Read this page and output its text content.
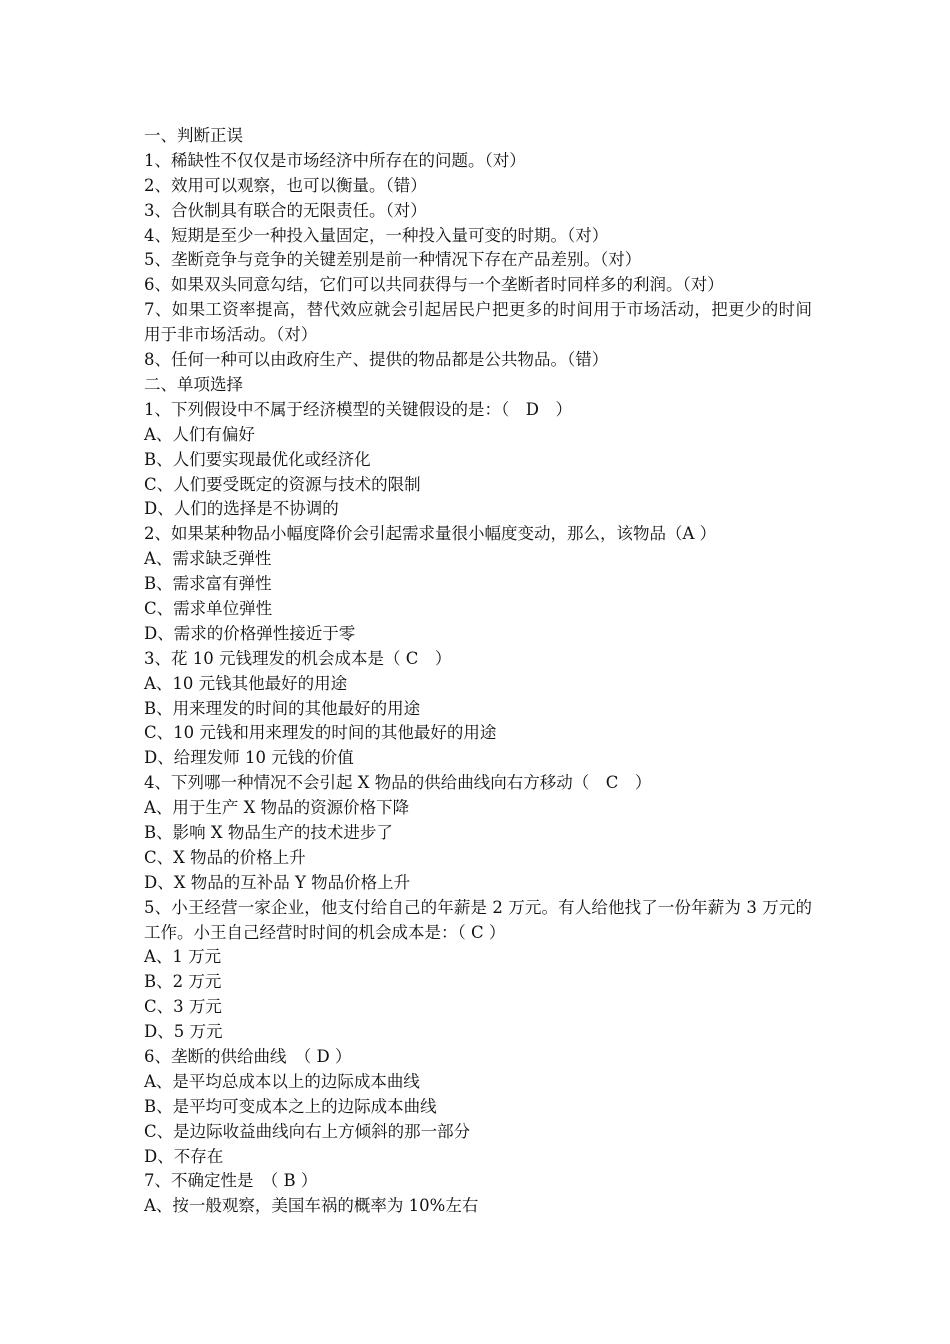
一、判断正误
1、稀缺性不仅仅是市场经济中所存在的问题。（对）
2、效用可以观察，也可以衡量。（错）
3、合伙制具有联合的无限责任。（对）
4、短期是至少一种投入量固定，一种投入量可变的时期。（对）
5、垄断竞争与竞争的关键差别是前一种情况下存在产品差别。（对）
6、如果双头同意勾结，它们可以共同获得与一个垄断者时同样多的利润。（对）
7、如果工资率提高，替代效应就会引起居民户把更多的时间用于市场活动，把更少的时间用于非市场活动。（对）
8、任何一种可以由政府生产、提供的物品都是公共物品。（错）
二、单项选择
1、下列假设中不属于经济模型的关键假设的是：（　D　）
A、人们有偏好
B、人们要实现最优化或经济化
C、人们要受既定的资源与技术的限制
D、人们的选择是不协调的
2、如果某种物品小幅度降价会引起需求量很小幅度变动，那么，该物品（A ）
A、需求缺乏弹性
B、需求富有弹性
C、需求单位弹性
D、需求的价格弹性接近于零
3、花 10 元钱理发的机会成本是（ C　）
A、10 元钱其他最好的用途
B、用来理发的时间的其他最好的用途
C、10 元钱和用来理发的时间的其他最好的用途
D、给理发师 10 元钱的价值
4、下列哪一种情况不会引起 X 物品的供给曲线向右方移动（　C　）
A、用于生产 X 物品的资源价格下降
B、影响 X 物品生产的技术进步了
C、X 物品的价格上升
D、X 物品的互补品 Y 物品价格上升
5、小王经营一家企业，他支付给自己的年薪是 2 万元。有人给他找了一份年薪为 3 万元的工作。小王自己经营时时间的机会成本是：（ C ）
A、1 万元
B、2 万元
C、3 万元
D、5 万元
6、垄断的供给曲线　（ D ）
A、是平均总成本以上的边际成本曲线
B、是平均可变成本之上的边际成本曲线
C、是边际收益曲线向右上方倾斜的那一部分
D、不存在
7、不确定性是　（ B ）
A、按一般观察，美国车祸的概率为 10%左右
